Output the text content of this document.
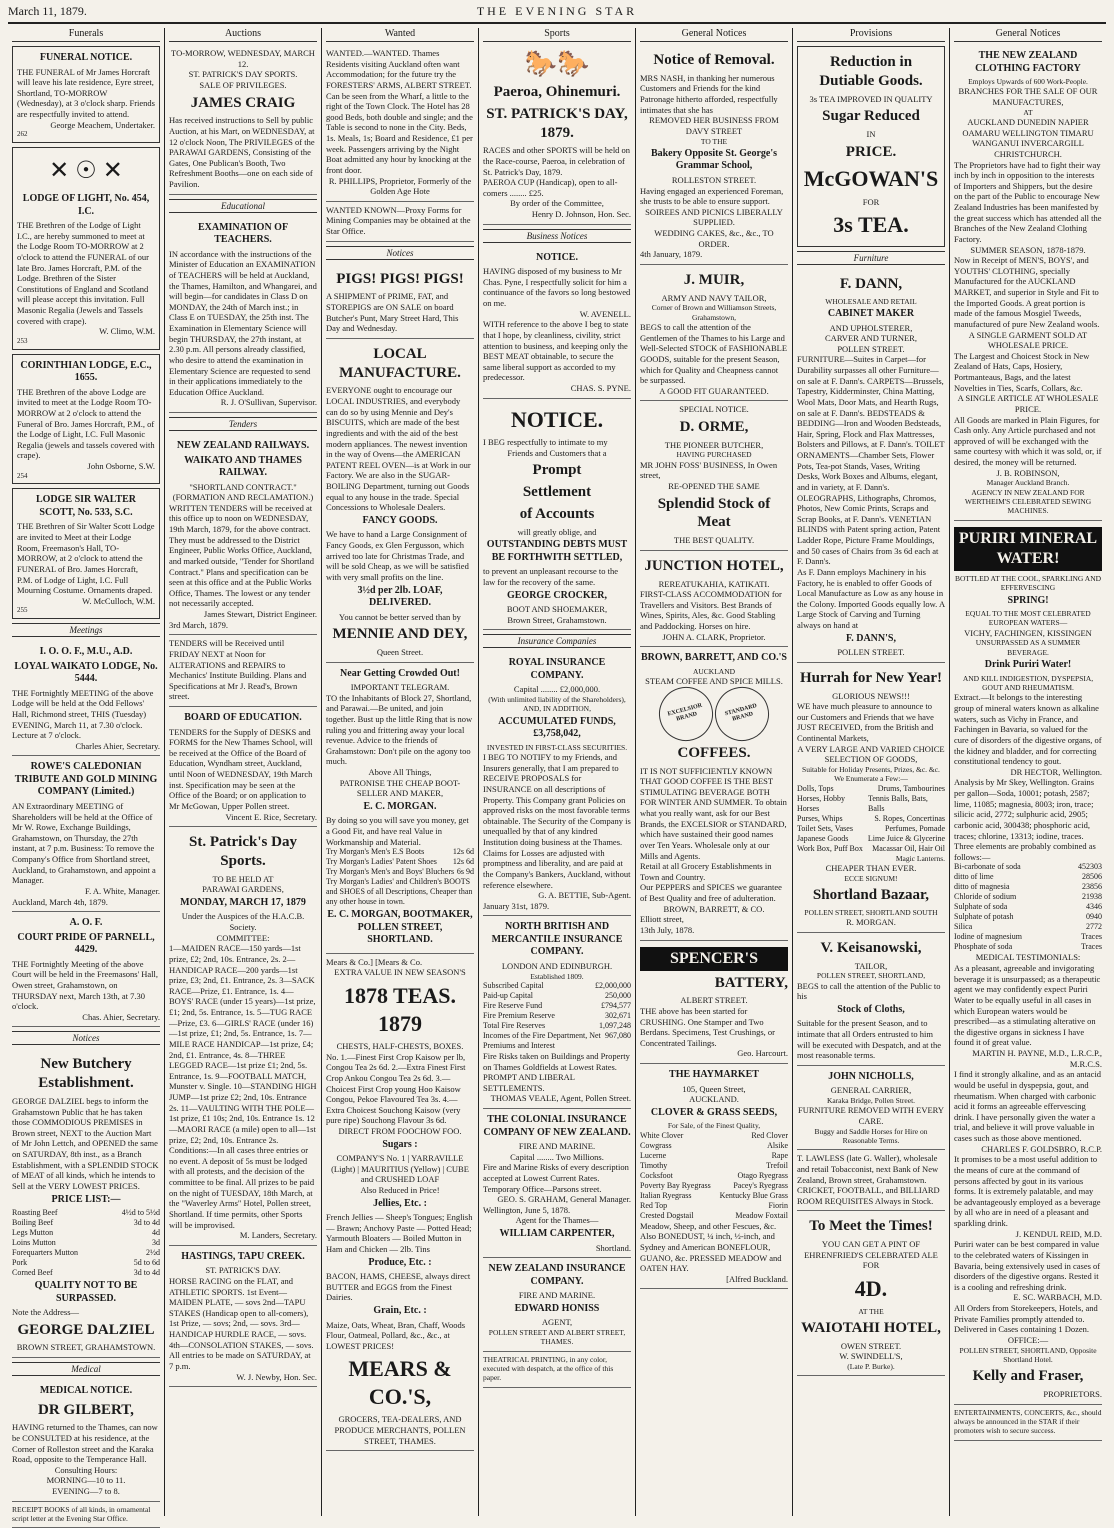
March 11, 1879.	THE EVENING STAR
Funerals
FUNERAL NOTICE.
THE FUNERAL of Mr James Horcraft will leave his late residence, Eyre street, Shortland, TO-MORROW (Wednesday), at 3 o'clock sharp. Friends are respectfully invited to attend.
George Meachem, Undertaker.
262
✕ ☉ ✕
LODGE OF LIGHT, No. 454, I.C.
THE Brethren of the Lodge of Light I.C., are hereby summoned to meet at the Lodge Room TO-MORROW at 2 o'clock to attend the FUNERAL of our late Bro. James Horcraft, P.M. of the Lodge. Brethren of the Sister Constitutions of England and Scotland will please accept this invitation. Full Masonic Regalia (Jewels and Tassels covered with crape).
W. Climo, W.M.
253
CORINTHIAN LODGE, E.C., 1655.
THE Brethren of the above Lodge are invited to meet at the Lodge Room TO-MORROW at 2 o'clock to attend the Funeral of Bro. James Horcraft, P.M., of the Lodge of Light, I.C. Full Masonic Regalia (jewels and tassels covered with crape).
John Osborne, S.W.
254
LODGE SIR WALTER SCOTT, No. 533, S.C.
THE Brethren of Sir Walter Scott Lodge are invited to Meet at their Lodge Room, Freemason's Hall, TO-MORROW, at 2 o'clock to attend the FUNERAL of Bro. James Horcraft, P.M. of Lodge of Light, I.C. Full Mourning Costume. Ornaments draped.
W. McCulloch, W.M.
255
Meetings
I. O. O. F., M.U., A.D.
LOYAL WAIKATO LODGE, No. 5444.
THE Fortnightly MEETING of the above Lodge will be held at the Odd Fellows' Hall, Richmond street, THIS (Tuesday) EVENING, March 11, at 7.30 o'clock. Lecture at 7 o'clock.
Charles Ahier, Secretary.
ROWE'S CALEDONIAN TRIBUTE AND GOLD MINING COMPANY (Limited.)
AN Extraordinary MEETING of Shareholders will be held at the Office of Mr W. Rowe, Exchange Buildings, Grahamstown, on Thursday, the 27th instant, at 7 p.m. Business: To remove the Company's Office from Shortland street, Auckland, to Grahamstown, and appoint a Manager.
F. A. White, Manager.
Auckland, March 4th, 1879.
A. O. F.
COURT PRIDE OF PARNELL, 4429.
THE Fortnightly Meeting of the above Court will be held in the Freemasons' Hall, Owen street, Grahamstown, on THURSDAY next, March 13th, at 7.30 o'clock.
Chas. Ahier, Secretary.
Notices
New Butchery Establishment.
GEORGE DALZIEL begs to inform the Grahamstown Public that he has taken those COMMODIOUS PREMISES in Brown street, NEXT to the Auction Mart of Mr John Lettch, and OPENED the same on SATURDAY, 8th inst., as a Branch Establishment, with a SPLENDID STOCK of MEAT of all kinds, which he intends to Sell at the VERY LOWEST PRICES.
PRICE LIST:—
Roasting Beef	4½d to 5½d
Boiling Beef	3d to 4d
Legs Mutton	4d
Loins Mutton	3d
Forequarters Mutton	2½d
Pork	5d to 6d
Corned Beef	3d to 4d
QUALITY NOT TO BE SURPASSED.
Note the Address—
GEORGE DALZIEL
BROWN STREET, GRAHAMSTOWN.
Medical
MEDICAL NOTICE.
DR GILBERT,
HAVING returned to the Thames, can now be CONSULTED at his residence, at the Corner of Rolleston street and the Karaka Road, opposite to the Temperance Hall.
Consulting Hours:
MORNING—10 to 11.
EVENING—7 to 8.
RECEIPT BOOKS of all kinds, in ornamental script letter at the Evening Star Office.
Auctions
TO-MORROW, WEDNESDAY, MARCH 12.
ST. PATRICK'S DAY SPORTS.
SALE OF PRIVILEGES.
JAMES CRAIG
Has received instructions to Sell by public Auction, at his Mart, on WEDNESDAY, at 12 o'clock Noon, The PRIVILEGES of the PARAWAI GARDENS, Consisting of the Gates, One Publican's Booth, Two Refreshment Booths—one on each side of Pavilion.
Educational
EXAMINATION OF TEACHERS.
IN accordance with the instructions of the Minister of Education an EXAMINATION of TEACHERS will be held at Auckland, the Thames, Hamilton, and Whangarei, and will begin—for candidates in Class D on MONDAY, the 24th of March inst.; in Class E on TUESDAY, the 25th inst. The Examination in Elementary Science will begin THURSDAY, the 27th instant, at 2.30 p.m. All persons already classified, who desire to attend the examination in Elementary Science are requested to send in their applications immediately to the Education Office Auckland.
R. J. O'Sullivan, Supervisor.
Tenders
NEW ZEALAND RAILWAYS.
WAIKATO AND THAMES RAILWAY.
"SHORTLAND CONTRACT."
(FORMATION AND RECLAMATION.)
WRITTEN TENDERS will be received at this office up to noon on WEDNESDAY, 19th March, 1879, for the above contract. They must be addressed to the District Engineer, Public Works Office, Auckland, and marked outside, "Tender for Shortland Contract." Plans and specification can be seen at this office and at the Public Works Office, Thames. The lowest or any tender not necessarily accepted.
James Stewart, District Engineer.
3rd March, 1879.
TENDERS will be Received until FRIDAY NEXT at Noon for ALTERATIONS and REPAIRS to Mechanics' Institute Building. Plans and Specifications at Mr J. Read's, Brown street.
BOARD OF EDUCATION.
TENDERS for the Supply of DESKS and FORMS for the New Thames School, will be received at the Office of the Board of Education, Wyndham street, Auckland, until Noon of WEDNESDAY, 19th March inst. Specification may be seen at the Office of the Board; or on application to Mr McGowan, Upper Pollen street.
Vincent E. Rice, Secretary.
St. Patrick's Day Sports.
TO BE HELD AT
PARAWAI GARDENS,
MONDAY, MARCH 17, 1879
Under the Auspices of the H.A.C.B. Society.
COMMITTEE:
1—MAIDEN RACE—150 yards—1st prize, £2; 2nd, 10s. Entrance, 2s. 2—HANDICAP RACE—200 yards—1st prize, £3; 2nd, £1. Entrance, 2s. 3—SACK RACE—Prize, £1. Entrance, 1s. 4—BOYS' RACE (under 15 years)—1st prize, £1; 2nd, 5s. Entrance, 1s. 5—TUG RACE—Prize, £3. 6—GIRLS' RACE (under 16)—1st prize, £1; 2nd, 5s. Entrance, 1s. 7—MILE RACE HANDICAP—1st prize, £4; 2nd, £1. Entrance, 4s. 8—THREE LEGGED RACE—1st prize £1; 2nd, 5s. Entrance, 1s. 9—FOOTBALL MATCH, Munster v. Single. 10—STANDING HIGH JUMP—1st prize £2; 2nd, 10s. Entrance 2s. 11—VAULTING WITH THE POLE—1st prize, £1 10s; 2nd, 10s. Entrance 1s. 12—MAORI RACE (a mile) open to all—1st prize, £2; 2nd, 10s. Entrance 2s.
Conditions:—In all cases three entries or no event. A deposit of 5s must be lodged with all protests, and the decision of the committee to be final. All prizes to be paid on the night of TUESDAY, 18th March, at the "Waverley Arms" Hotel, Pollen street, Shortland. If time permits, other Sports will be improvised.
M. Landers, Secretary.
HASTINGS, TAPU CREEK.
ST. PATRICK'S DAY.
HORSE RACING on the FLAT, and ATHLETIC SPORTS. 1st Event—MAIDEN PLATE, — sovs 2nd—TAPU STAKES (Handicap open to all-comers), 1st Prize, — sovs; 2nd, — sovs. 3rd—HANDICAP HURDLE RACE, — sovs. 4th—CONSOLATION STAKES, — sovs. All entries to be made on SATURDAY, at 7 p.m.
W. J. Newby, Hon. Sec.
Wanted
WANTED.—WANTED. Thames Residents visiting Auckland often want Accommodation; for the future try the FORESTERS' ARMS, ALBERT STREET. Can be seen from the Wharf, a little to the right of the Town Clock. The Hotel has 28 good Beds, both double and single; and the Table is second to none in the City. Beds, 1s. Meals, 1s; Board and Residence, £1 per week. Passengers arriving by the Night Boat admitted any hour by knocking at the front door.
R. PHILLIPS, Proprietor, Formerly of the Golden Age Hote
WANTED KNOWN—Proxy Forms for Mining Companies may be obtained at the Star Office.
Notices
PIGS! PIGS! PIGS!
A SHIPMENT of PRIME, FAT, and STOREPIGS are ON SALE on board Butcher's Punt, Mary Street Hard, This Day and Wednesday.
LOCAL MANUFACTURE.
EVERYONE ought to encourage our LOCAL INDUSTRIES, and everybody can do so by using Mennie and Dey's BISCUITS, which are made of the best ingredients and with the aid of the best modern appliances. The newest invention in the way of Ovens—the AMERICAN PATENT REEL OVEN—is at Work in our Factory. We are also in the SUGAR-BOILING Department, turning out Goods equal to any house in the trade. Special Concessions to Wholesale Dealers.
FANCY GOODS.
We have to hand a Large Consignment of Fancy Goods, ex Glen Fergusson, which arrived too late for Christmas Trade, and will be sold Cheap, as we will be satisfied with very small profits on the line.
3½d per 2lb. LOAF, DELIVERED.
You cannot be better served than by
MENNIE AND DEY,
Queen Street.
Near Getting Crowded Out!
IMPORTANT TELEGRAM.
TO the Inhabitants of Block 27, Shortland, and Parawai.—Be united, and join together. Bust up the little Ring that is now ruling you and frittering away your local revenue. Advice to the friends of Grahamstown: Don't pile on the agony too much.
Above All Things,
PATRONISE THE CHEAP BOOT-SELLER AND MAKER,
E. C. MORGAN.
By doing so you will save you money, get a Good Fit, and have real Value in Workmanship and Material.
Try Morgan's Men's E.S Boots	12s 6d
Try Morgan's Ladies' Patent Shoes 12s 6d
Try Morgan's Men's and Boys' Bluchers 6s 9d
Try Morgan's Ladies' and Children's BOOTS and SHOES of all Descriptions, Cheaper than any other house in town.
E. C. MORGAN, BOOTMAKER, POLLEN STREET, SHORTLAND.
Mears & Co.] [Mears & Co.
EXTRA VALUE IN NEW SEASON'S
1878 TEAS. 1879
CHESTS, HALF-CHESTS, BOXES.
No. 1.—Finest First Crop Kaisow per lb, Congou Tea 2s 6d. 2.—Extra Finest First Crop Ankou Congou Tea 2s 6d. 3.—Choicest First Crop young Hoo Kaisow Congou, Pekoe Flavoured Tea 3s. 4.—Extra Choicest Souchong Kaisow (very pure ripe) Souchong Flavour 3s 6d.
DIRECT FROM FOOCHOW FOO.
Sugars :
COMPANY'S No. 1 | YARRAVILLE (Light) | MAURITIUS (Yellow) | CUBE and CRUSHED LOAF
Also Reduced in Price!
Jellies, Etc. :
French Jellies — Sheep's Tongues; English — Brawn; Anchovy Paste — Potted Head; Yarmouth Bloaters — Boiled Mutton in Ham and Chicken — 2lb. Tins
Produce, Etc. :
BACON, HAMS, CHEESE, always direct BUTTER and EGGS from the Finest Dairies.
Grain, Etc. :
Maize, Oats, Wheat, Bran, Chaff, Woods Flour, Oatmeal, Pollard, &c., &c., at LOWEST PRICES!
MEARS & CO.'S,
GROCERS, TEA-DEALERS, AND PRODUCE MERCHANTS, POLLEN STREET, THAMES.
Sports
🐎🐎
Paeroa, Ohinemuri.
ST. PATRICK'S DAY, 1879.
RACES and other SPORTS will be held on the Race-course, Paeroa, in celebration of St. Patrick's Day, 1879.
PAEROA CUP (Handicap), open to all-comers ........ £25.
By order of the Committee,
Henry D. Johnson, Hon. Sec.
Business Notices
NOTICE.
HAVING disposed of my business to Mr Chas. Pyne, I respectfully solicit for him a continuance of the favors so long bestowed on me.
W. AVENELL.
WITH reference to the above I beg to state that I hope, by cleanliness, civility, strict attention to business, and keeping only the BEST MEAT obtainable, to secure the same liberal support as accorded to my predecessor.
CHAS. S. PYNE.
NOTICE.
I BEG respectfully to intimate to my
Friends and Customers that a
Prompt
Settlement
of Accounts
will greatly oblige, and
OUTSTANDING DEBTS MUST BE FORTHWITH SETTLED,
to prevent an unpleasant recourse to the law for the recovery of the same.
GEORGE CROCKER,
BOOT AND SHOEMAKER,
Brown Street, Grahamstown.
Insurance Companies
ROYAL INSURANCE COMPANY.
Capital ........ £2,000,000.
(With unlimited liability of the Shareholders),
AND, IN ADDITION,
ACCUMULATED FUNDS, £3,758,042,
INVESTED IN FIRST-CLASS SECURITIES.
I BEG TO NOTIFY to my Friends, and Insurers generally, that I am prepared to RECEIVE PROPOSALS for INSURANCE on all descriptions of Property. This Company grant Policies on approved risks on the most favorable terms obtainable. The Security of the Company is unequalled by that of any kindred Institution doing business at the Thames. Claims for Losses are adjusted with promptness and liberality, and are paid at the Company's Bankers, Auckland, without reference elsewhere.
G. A. BETTIE, Sub-Agent.
January 31st, 1879.
NORTH BRITISH AND MERCANTILE INSURANCE COMPANY.
LONDON AND EDINBURGH.
Established 1809.
Subscribed Capital	£2,000,000
Paid-up Capital	250,000
Fire Reserve Fund	£794,577
Fire Premium Reserve	302,671
Total Fire Reserves	1,097,248
Incomes of the Fire Department, Net Premiums and Interest
967,080
Fire Risks taken on Buildings and Property on Thames Goldfields at Lowest Rates. PROMPT AND LIBERAL SETTLEMENTS.
THOMAS VEALE, Agent, Pollen Street.
THE COLONIAL INSURANCE COMPANY OF NEW ZEALAND.
FIRE AND MARINE.
Capital ........ Two Millions.
Fire and Marine Risks of every description accepted at Lowest Current Rates. Temporary Office—Parsons street.
GEO. S. GRAHAM, General Manager.
Wellington, June 5, 1878.
Agent for the Thames—
WILLIAM CARPENTER,
Shortland.
NEW ZEALAND INSURANCE COMPANY.
FIRE AND MARINE.
EDWARD HONISS
AGENT,
POLLEN STREET AND ALBERT STREET, THAMES.
THEATRICAL PRINTING, in any color, executed with despatch, at the office of this paper.
General Notices
Notice of Removal.
MRS NASH, in thanking her numerous Customers and Friends for the kind Patronage hitherto afforded, respectfully intimates that she has
REMOVED HER BUSINESS FROM DAVY STREET
TO THE
Bakery Opposite St. George's Grammar School,
ROLLESTON STREET.
Having engaged an experienced Foreman, she trusts to be able to ensure support.
SOIREES AND PICNICS LIBERALLY SUPPLIED.
WEDDING CAKES, &c., &c., TO ORDER.
4th January, 1879.
J. MUIR,
ARMY AND NAVY TAILOR,
Corner of Brown and Williamson Streets, Grahamstown,
BEGS to call the attention of the Gentlemen of the Thames to his Large and Well-Selected STOCK of FASHIONABLE GOODS, suitable for the present Season, which for Quality and Cheapness cannot be surpassed.
A GOOD FIT GUARANTEED.
SPECIAL NOTICE.
D. ORME,
THE PIONEER BUTCHER,
HAVING PURCHASED
MR JOHN FOSS' BUSINESS, In Owen street,
RE-OPENED THE SAME
Splendid Stock of Meat
THE BEST QUALITY.
JUNCTION HOTEL,
REREATUKAHIA, KATIKATI.
FIRST-CLASS ACCOMMODATION for Travellers and Visitors. Best Brands of Wines, Spirits, Ales, &c. Good Stabling and Paddocking. Horses on hire.
JOHN A. CLARK, Proprietor.
BROWN, BARRETT, AND CO.'S
AUCKLAND
STEAM COFFEE AND SPICE MILLS.
EXCELSIOR BRAND STANDARD BRAND
COFFEES.
IT IS NOT SUFFICIENTLY KNOWN THAT GOOD COFFEE IS THE BEST STIMULATING BEVERAGE BOTH FOR WINTER AND SUMMER. To obtain what you really want, ask for our Best Brands, the EXCELSIOR or STANDARD, which have sustained their good names over Ten Years. Wholesale only at our Mills and Agents.
Retail at all Grocery Establishments in Town and Country.
Our PEPPERS and SPICES we guarantee of Best Quality and free of adulteration.
BROWN, BARRETT, & CO.
Elliott street,
13th July, 1878.
SPENCER'S
BATTERY,
ALBERT STREET.
THE above has been started for CRUSHING. One Stamper and Two Berdans. Specimens, Test Crushings, or Concentrated Tailings.
Geo. Harcourt.
THE HAYMARKET
105, Queen Street,
AUCKLAND.
CLOVER & GRASS SEEDS,
For Sale, of the Finest Quality,
White Clover	Red Clover
Cowgrass	Alsike
Lucerne	Rape
Timothy	Trefoil
Cocksfoot	Otago Ryegrass
Poverty Bay Ryegrass	Pacey's Ryegrass
Italian Ryegrass	Kentucky Blue Grass
Red Top	Fiorin
Crested Dogstail	Meadow Foxtail
Meadow, Sheep, and other Fescues, &c. Also BONEDUST, ¼ inch, ½-inch, and Sydney and American BONEFLOUR, GUANO, &c. PRESSED MEADOW and OATEN HAY.
[Alfred Buckland.
Provisions
Reduction in Dutiable Goods.
3s TEA IMPROVED IN QUALITY
Sugar Reduced
IN
PRICE.
McGOWAN'S
FOR
3s TEA.
Furniture
F. DANN,
WHOLESALE AND RETAIL
CABINET MAKER
AND UPHOLSTERER,
CARVER AND TURNER,
POLLEN STREET.
FURNITURE—Suites in Carpet—for Durability surpasses all other Furniture—on sale at F. Dann's. CARPETS—Brussels, Tapestry, Kidderminster, China Matting, Wool Mats, Door Mats, and Hearth Rugs, on sale at F. Dann's. BEDSTEADS & BEDDING—Iron and Wooden Bedsteads, Hair, Spring, Flock and Flax Mattresses, Bolsters and Pillows, at F. Dann's. TOILET ORNAMENTS—Chamber Sets, Flower Pots, Tea-pot Stands, Vases, Writing Desks, Work Boxes and Albums, elegant, and in variety, at F. Dann's. OLEOGRAPHS, Lithographs, Chromos, Photos, New Comic Prints, Scraps and Scrap Books, at F. Dann's. VENETIAN BLINDS with Patent spring action, Patent Ladder Rope, Picture Frame Mouldings, and 50 cases of Chairs from 3s 6d each at F. Dann's.
As F. Dann employs Machinery in his Factory, he is enabled to offer Goods of Local Manufacture as Low as any house in the Colony. Imported Goods equally low. A Large Stock of Carving and Turning always on hand at
F. DANN'S,
POLLEN STREET.
Hurrah for New Year!
GLORIOUS NEWS!!!
WE have much pleasure to announce to our Customers and Friends that we have JUST RECEIVED, from the British and Continental Markets,
A VERY LARGE AND VARIED CHOICE SELECTION OF GOODS,
Suitable for Holiday Presents, Prizes, &c. &c.
We Enumerate a Few:—
Dolls, Tops	Drums, Tambourines
Horses, Hobby Horses
Tennis Balls, Bats, Balls
Purses, Whips	S. Ropes, Concertinas
Toilet Sets, Vases	Perfumes, Pomade
Japanese Goods Lime Juice & Glycerine
Work Box, Puff Box Macassar Oil, Hair Oil
Magic Lanterns.
CHEAPER THAN EVER.
ECCE SIGNUM!
Shortland Bazaar,
POLLEN STREET, SHORTLAND SOUTH
R. MORGAN.
V. Keisanowski,
TAILOR,
POLLEN STREET, SHORTLAND,
BEGS to call the attention of the Public to his
Stock of Cloths,
Suitable for the present Season, and to intimate that all Orders entrusted to him will be executed with Despatch, and at the most reasonable terms.
JOHN NICHOLLS,
GENERAL CARRIER,
Karaka Bridge, Pollen Street.
FURNITURE REMOVED WITH EVERY CARE.
Buggy and Saddle Horses for Hire on Reasonable Terms.
T. LAWLESS (late G. Waller), wholesale and retail Tobacconist, next Bank of New Zealand, Brown street, Grahamstown. CRICKET, FOOTBALL, and BILLIARD ROOM REQUISITES Always in Stock.
To Meet the Times!
YOU CAN GET A PINT OF EHRENFRIED'S CELEBRATED ALE
FOR
4D.
AT THE
WAIOTAHI HOTEL,
OWEN STREET.
W. SWINDELL'S,
(Late P. Burke).
General Notices
THE NEW ZEALAND CLOTHING FACTORY
Employs Upwards of 600 Work-People.
BRANCHES FOR THE SALE OF OUR MANUFACTURES,
AT
AUCKLAND DUNEDIN NAPIER OAMARU WELLINGTON TIMARU WANGANUI INVERCARGILL CHRISTCHURCH.
The Proprietors have had to fight their way inch by inch in opposition to the interests of Importers and Shippers, but the desire on the part of the Public to encourage New Zealand Industries has been manifested by the great success which has attended all the Branches of the New Zealand Clothing Factory.
SUMMER SEASON, 1878-1879.
Now in Receipt of MEN'S, BOYS', and YOUTHS' CLOTHING, specially Manufactured for the AUCKLAND MARKET, and superior in Style and Fit to the Imported Goods. A great portion is made of the famous Mosgiel Tweeds, manufactured of pure New Zealand wools.
A SINGLE GARMENT SOLD AT WHOLESALE PRICE.
The Largest and Choicest Stock in New Zealand of Hats, Caps, Hosiery, Portmanteaus, Bags, and the latest Novelties in Ties, Scarfs, Collars, &c.
A SINGLE ARTICLE AT WHOLESALE PRICE.
All Goods are marked in Plain Figures, for Cash only. Any Article purchased and not approved of will be exchanged with the same courtesy with which it was sold, or, if desired, the money will be returned.
J. B. ROBINSON,
Manager Auckland Branch.
AGENCY IN NEW ZEALAND FOR WERTHEIM'S CELEBRATED SEWING MACHINES.
PURIRI MINERAL WATER!
BOTTLED AT THE COOL, SPARKLING AND EFFERVESCING
SPRING!
EQUAL TO THE MOST CELEBRATED EUROPEAN WATERS—
VICHY, FACHINGEN, KISSINGEN
UNSURPASSED AS A SUMMER BEVERAGE.
Drink Puriri Water!
AND KILL INDIGESTION, DYSPEPSIA, GOUT AND RHEUMATISM.
Extract.—It belongs to the interesting group of mineral waters known as alkaline waters, such as Vichy in France, and Fachingen in Bavaria, so valued for the cure of disorders of the digestive organs, of the kidney and bladder, and for correcting constitutional tendency to gout.
DR HECTOR, Wellington.
Analysis by Mr Skey, Wellington. Grains per gallon—Soda, 10001; potash, 2587; lime, 11085; magnesia, 8003; iron, trace; silicic acid, 2772; sulphuric acid, 2905; carbonic acid, 300438; phosphoric acid, traces; chlorine, 13313; iodine, traces. Three elements are probably combined as follows:—
Bi-carbonate of soda	452303
ditto of lime	28506
ditto of magnesia	23856
Chloride of sodium	21938
Sulphate of soda	4346
Sulphate of potash	0940
Silica	2772
Iodine of magnesium	Traces
Phosphate of soda	Traces
MEDICAL TESTIMONIALS:
As a pleasant, agreeable and invigorating beverage it is unsurpassed; as a therapeutic agent we may confidently expect Puriri Water to be equally useful in all cases in which European waters would be prescribed—as a stimulating alterative on the digestive organs in sickness I have found it of great value.
MARTIN H. PAYNE, M.D., L.R.C.P., M.R.C.S.
I find it strongly alkaline, and as an antacid would be useful in dyspepsia, gout, and rheumatism. When charged with carbonic acid it forms an agreeable effervescing drink. I have personally given the water a trial, and believe it will prove valuable in cases such as those above mentioned.
CHARLES F. GOLDSBRO, R.C.P.
It promises to be a most useful addition to the means of cure at the command of persons affected by gout in its various forms. It is extremely palatable, and may be advantageously employed as a beverage by all who are in need of a pleasant and sparkling drink.
J. KENDUL REID, M.D.
Puriri water can be best compared in value to the celebrated waters of Kissingen in Bavaria, being extensively used in cases of disorders of the digestive organs. Rested it is a cooling and refreshing drink.
E. SC. WARBACH, M.D.
All Orders from Storekeepers, Hotels, and Private Families promptly attended to.
Delivered in Cases containing 1 Dozen.
OFFICE:—
POLLEN STREET, SHORTLAND, Opposite Shortland Hotel.
Kelly and Fraser,
PROPRIETORS.
ENTERTAINMENTS, CONCERTS, &c., should always be announced in the STAR if their promoters wish to secure success.
